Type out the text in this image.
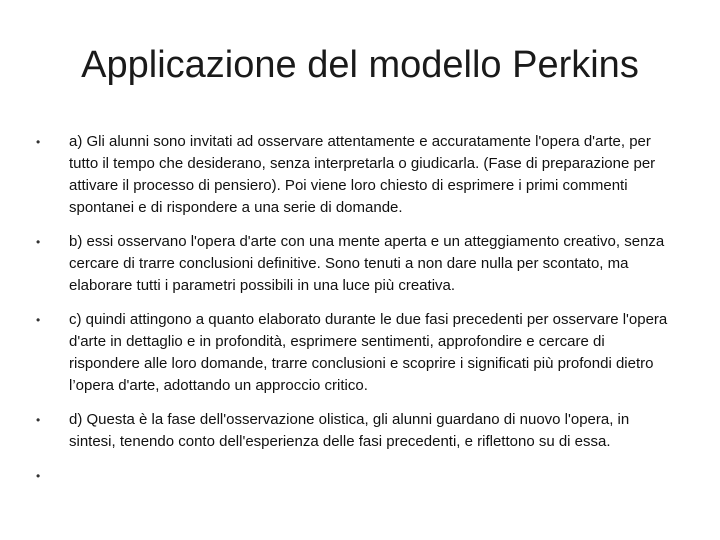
Applicazione del modello Perkins
•	a) Gli alunni sono invitati ad osservare attentamente e accuratamente l'opera d'arte, per tutto il tempo che desiderano, senza interpretarla o giudicarla. (Fase di preparazione per attivare il processo di pensiero). Poi viene loro chiesto di esprimere i primi commenti spontanei e di rispondere a una serie di domande.
•	b) essi osservano l'opera d'arte con una mente aperta e un atteggiamento creativo, senza cercare di trarre conclusioni definitive. Sono tenuti a non dare nulla per scontato, ma elaborare tutti i parametri possibili in una luce più creativa.
•	c) quindi attingono a quanto elaborato durante le due fasi precedenti per osservare l'opera d'arte in dettaglio e in profondità, esprimere sentimenti, approfondire e cercare di rispondere alle loro domande, trarre conclusioni e scoprire i significati più profondi dietro l’opera d'arte, adottando un approccio critico.
•	d) Questa è la fase dell'osservazione olistica, gli alunni guardano di nuovo l'opera, in sintesi, tenendo conto dell'esperienza delle fasi precedenti, e riflettono su di essa.
•
